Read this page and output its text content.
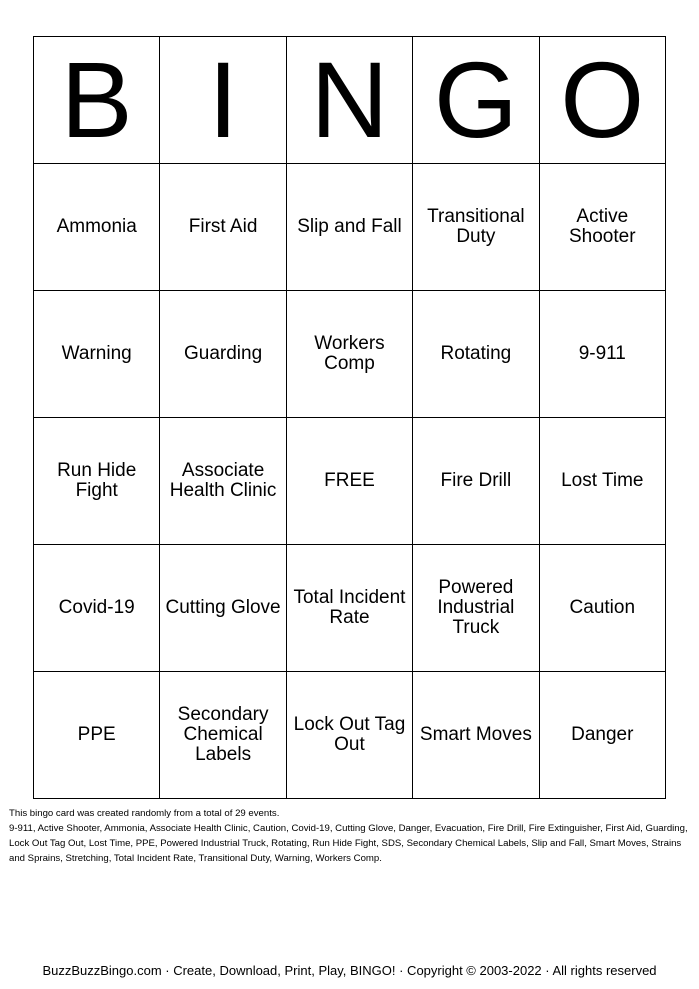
B	I	N	G	O
Ammonia	First Aid	Slip and Fall	Transitional Duty	Active Shooter
Warning	Guarding	Workers Comp	Rotating	9-911
Run Hide Fight	Associate Health Clinic	FREE	Fire Drill	Lost Time
Covid-19	Cutting Glove	Total Incident Rate	Powered Industrial Truck	Caution
PPE	Secondary Chemical Labels	Lock Out Tag Out	Smart Moves	Danger

This bingo card was created randomly from a total of 29 events.

9-911, Active Shooter, Ammonia, Associate Health Clinic, Caution, Covid-19, Cutting Glove, Danger, Evacuation, Fire Drill, Fire Extinguisher, First Aid, Guarding, Lock Out Tag Out, Lost Time, PPE, Powered Industrial Truck, Rotating, Run Hide Fight, SDS, Secondary Chemical Labels, Slip and Fall, Smart Moves, Strains and Sprains, Stretching, Total Incident Rate, Transitional Duty, Warning, Workers Comp.

BuzzBuzzBingo.com · Create, Download, Print, Play, BINGO! · Copyright © 2003-2022 · All rights reserved
